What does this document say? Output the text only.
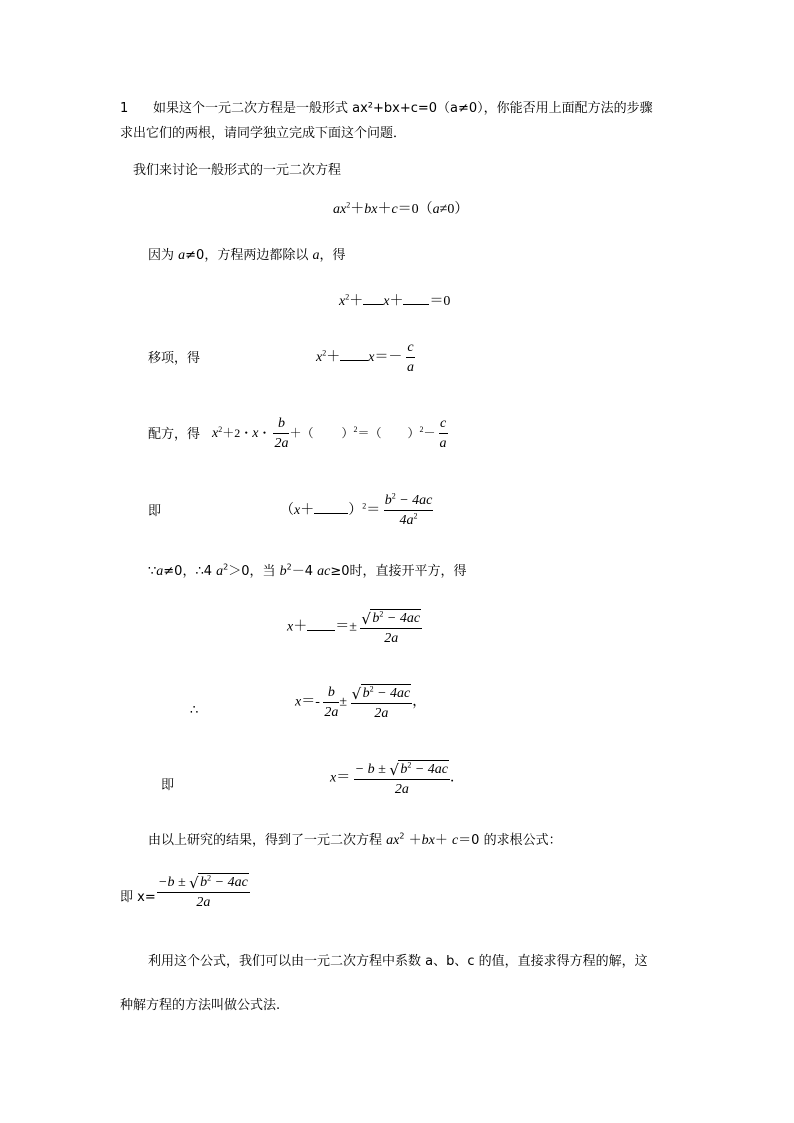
1 如果这个一元二次方程是一般形式 ax²+bx+c=0（a≠0），你能否用上面配方法的步骤
求出它们的两根，请同学独立完成下面这个问题．
我们来讨论一般形式的一元二次方程
$ax^2+bx+c=0(a\ne 0)$
因为 a≠0，方程两边都除以 a，得
$x^2+ x+ =0$
移项，得	$x^2+ x=- \frac{c}{a}$
配方，得 $x^2+2$・x・ $\frac{b}{2a}$ ＋（ ）$^2$＝（ ）$^2- \frac{c}{a}$
即	$(x+ )^2= \frac{b^2 - 4ac}{4a^2}$
∵a≠0，∴4 $a^2>0$，当 $b^2-4$ ac≥0时，直接开平方，得
$x+ =\pm \frac{√ b^2 - 4ac}{2a}$
∴
$x=- \frac{b}{2a} \pm \frac{√ b^2 - 4ac}{2a}$ ，
即	$x= \frac{- b \pm √ b^2 - 4ac}{2a}$ ．
由以上研究的结果，得到了一元二次方程 $ax^2 +bx+ c=0$ 的求根公式：
即 $x= \frac{-b \pm √ b^2 - 4ac}{2a}$
利用这个公式，我们可以由一元二次方程中系数 a、b、c 的值，直接求得方程的解，这
种解方程的方法叫做公式法.
